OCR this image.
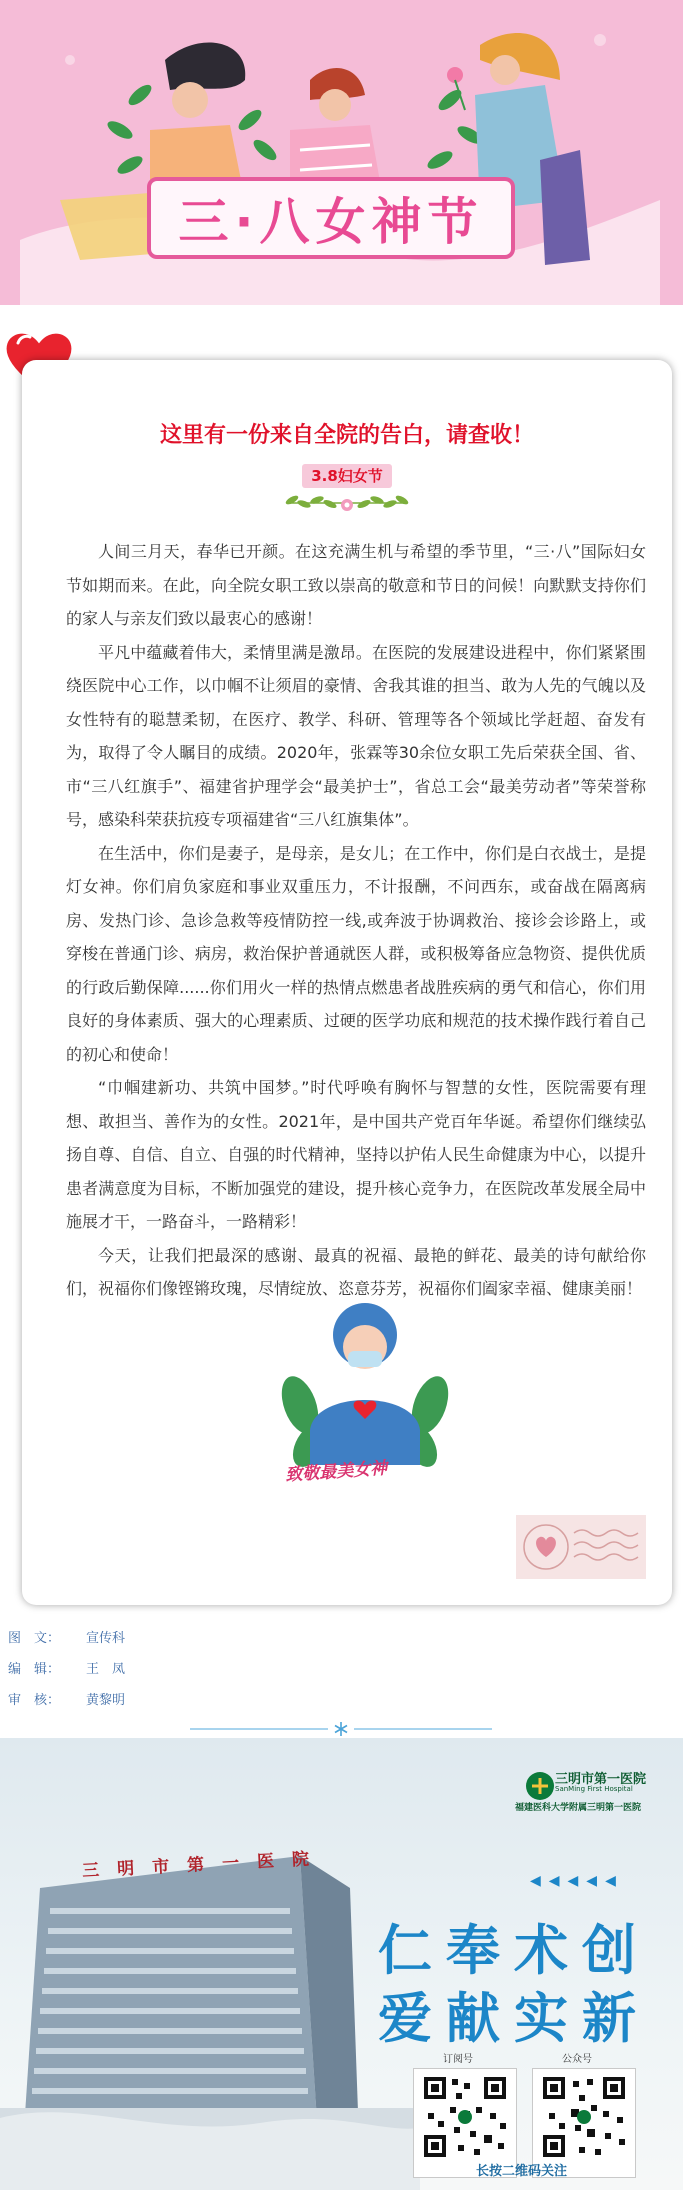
三·八女神节
这里有一份来自全院的告白，请查收！
3.8妇女节

人间三月天，春华已开颜。在这充满生机与希望的季节里，“三·八”国际妇女节如期而来。在此，向全院女职工致以崇高的敬意和节日的问候！向默默支持你们的家人与亲友们致以最衷心的感谢！

平凡中蕴藏着伟大，柔情里满是激昂。在医院的发展建设进程中，你们紧紧围绕医院中心工作，以巾帼不让须眉的豪情、舍我其谁的担当、敢为人先的气魄以及女性特有的聪慧柔韧，在医疗、教学、科研、管理等各个领域比学赶超、奋发有为，取得了令人瞩目的成绩。2020年，张霖等30余位女职工先后荣获全国、省、市“三八红旗手”、福建省护理学会“最美护士”，省总工会“最美劳动者”等荣誉称号，感染科荣获抗疫专项福建省“三八红旗集体”。

在生活中，你们是妻子，是母亲，是女儿；在工作中，你们是白衣战士，是提灯女神。你们肩负家庭和事业双重压力，不计报酬，不问西东，或奋战在隔离病房、发热门诊、急诊急救等疫情防控一线,或奔波于协调救治、接诊会诊路上，或穿梭在普通门诊、病房，救治保护普通就医人群，或积极筹备应急物资、提供优质的行政后勤保障......你们用火一样的热情点燃患者战胜疾病的勇气和信心，你们用良好的身体素质、强大的心理素质、过硬的医学功底和规范的技术操作践行着自己的初心和使命！

“巾帼建新功、共筑中国梦。”时代呼唤有胸怀与智慧的女性，医院需要有理想、敢担当、善作为的女性。2021年，是中国共产党百年华诞。希望你们继续弘扬自尊、自信、自立、自强的时代精神，坚持以护佑人民生命健康为中心，以提升患者满意度为目标，不断加强党的建设，提升核心竞争力，在医院改革发展全局中施展才干，一路奋斗，一路精彩！

今天，让我们把最深的感谢、最真的祝福、最艳的鲜花、最美的诗句献给你们，祝福你们像铿锵玫瑰，尽情绽放、恣意芬芳，祝福你们阖家幸福、健康美丽！

致敬最美女神
图　文： 宣传科
编　辑： 王　凤
审　核： 黄黎明
三明市第一医院
SanMing First Hospital
福建医科大学附属三明第一医院
三明市第一医院	◀◀◀◀◀
仁奉术创
爱献实新
订阅号	公众号
长按二维码关注
